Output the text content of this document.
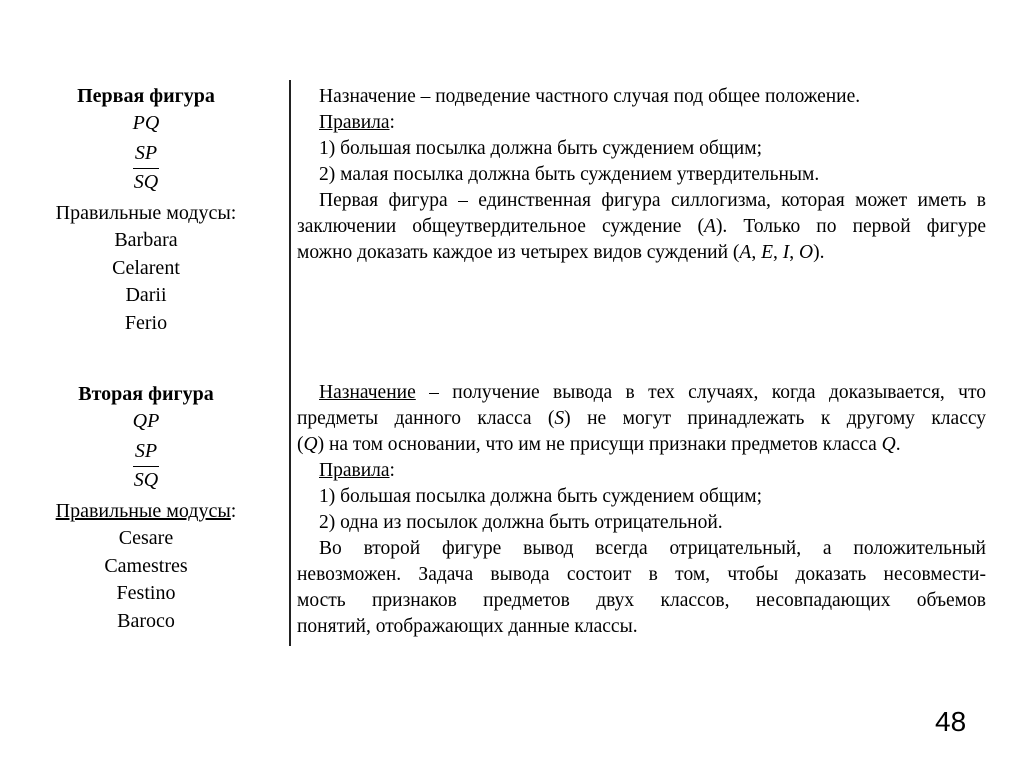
Первая фигура
PQ
$\frac{SP}{SQ}$
Правильные модусы:
Barbara
Celarent
Darii
Ferio

Назначение – подведение частного случая под общее положение.

Правила:

1) большая посылка должна быть суждением общим;

2) малая посылка должна быть суждением утвердительным.

Первая фигура – единственная фигура силлогизма, которая может иметь в

заключении общеутвердительное суждение (A). Только по первой фигуре

можно доказать каждое из четырех видов суждений (A, E, I, O).

Вторая фигура
QP
$\frac{SP}{SQ}$
Правильные модусы:
Cesare
Camestres
Festino
Baroco

Назначение – получение вывода в тех случаях, когда доказывается, что

предметы данного класса (S) не могут принадлежать к другому классу

(Q) на том основании, что им не присущи признаки предметов класса Q.

Правила:

1) большая посылка должна быть суждением общим;

2) одна из посылок должна быть отрицательной.

Во второй фигуре вывод всегда отрицательный, а положительный

невозможен. Задача вывода состоит в том, чтобы доказать несовмести-

мость признаков предметов двух классов, несовпадающих объемов

понятий, отображающих данные классы.

48
